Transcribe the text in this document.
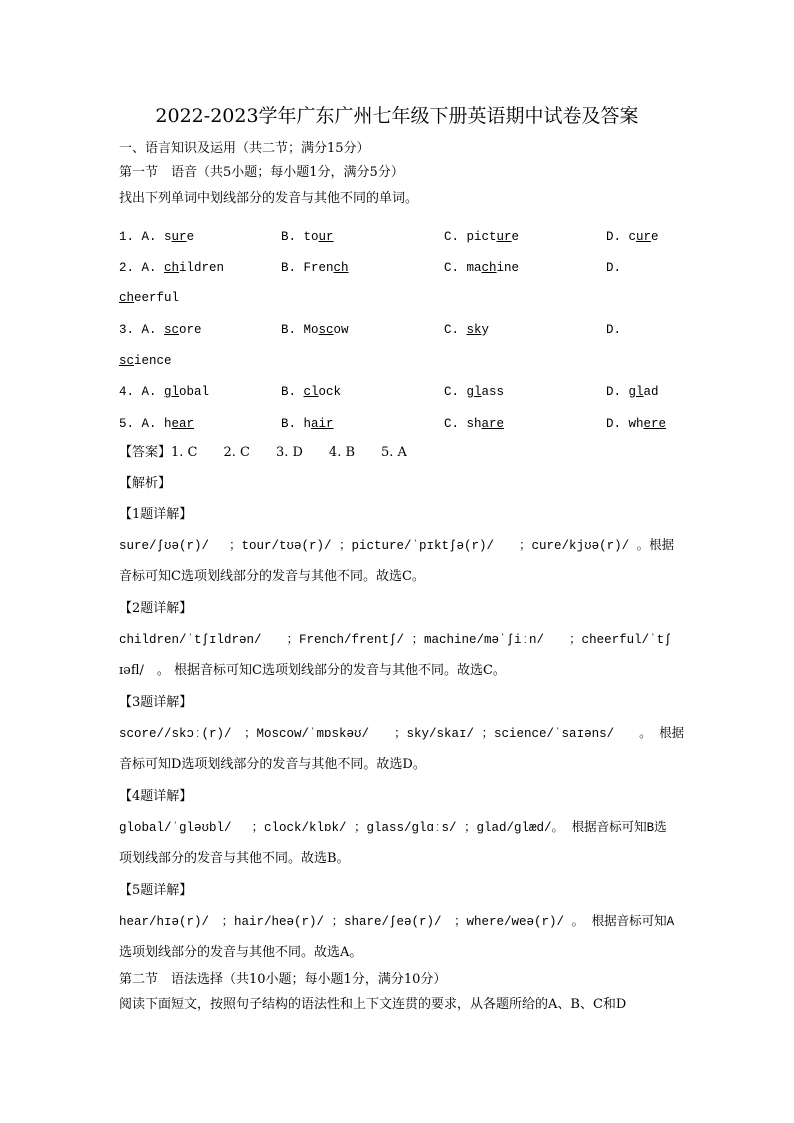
2022-2023学年广东广州七年级下册英语期中试卷及答案
一、语言知识及运用（共二节；满分15分）
第一节　语音（共5小题；每小题1分，满分5分）
找出下列单词中划线部分的发音与其他不同的单词。
1. A. sure	B. tour	C. picture	D. cure
2. A. children	B. French	C. machine	D.
cheerful
3. A. score	B. Moscow	C. sky	D.
science
4. A. global	B. clock	C. glass	D. glad
5. A. hear	B. hair	C. share	D. where
【答案】1. C　　2. C　　3. D　　4. B　　5. A
【解析】
【1题详解】
sure/ʃʊə(r)/　 ；tour/tʊə(r)/ ；picture/ˈpɪktʃə(r)/　　；cure/kjʊə(r)/ 。根据
音标可知C选项划线部分的发音与其他不同。故选C。
【2题详解】
children/ˈtʃɪldrən/　　；French/frentʃ/ ；machine/məˈʃiːn/　　；cheerful/ˈtʃ
ɪəfl/　。 根据音标可知C选项划线部分的发音与其他不同。故选C。
【3题详解】
score//skɔː(r)/　；Moscow/ˈmɒskəʊ/　　；sky/skaɪ/ ；science/ˈsaɪəns/　　。 根据
音标可知D选项划线部分的发音与其他不同。故选D。
【4题详解】
global/ˈɡləʊbl/　 ；clock/klɒk/ ；glass/ɡlɑːs/ ；glad/ɡlæd/。 根据音标可知B选
项划线部分的发音与其他不同。故选B。
【5题详解】
hear/hɪə(r)/　；hair/heə(r)/ ；share/ʃeə(r)/　；where/weə(r)/ 。 根据音标可知A
选项划线部分的发音与其他不同。故选A。
第二节　语法选择（共10小题；每小题1分，满分10分）
阅读下面短文，按照句子结构的语法性和上下文连贯的要求，从各题所给的A、B、C和D
